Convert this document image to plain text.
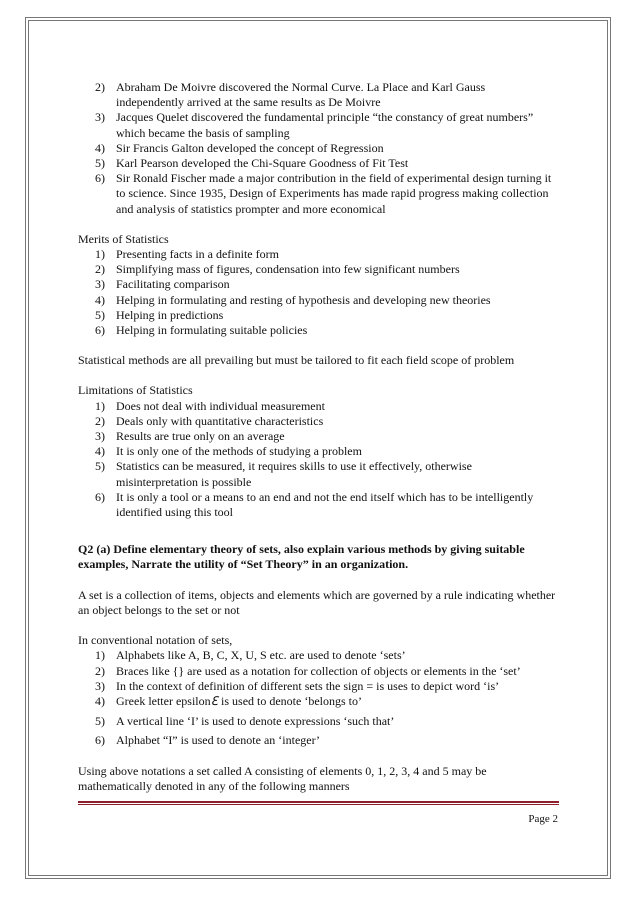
2) Abraham De Moivre discovered the Normal Curve. La Place and Karl Gauss independently arrived at the same results as De Moivre
3) Jacques Quelet discovered the fundamental principle “the constancy of great numbers” which became the basis of sampling
4) Sir Francis Galton developed the concept of Regression
5) Karl Pearson developed the Chi-Square Goodness of Fit Test
6) Sir Ronald Fischer made a major contribution in the field of experimental design turning it to science. Since 1935, Design of Experiments has made rapid progress making collection and analysis of statistics prompter and more economical

Merits of Statistics

1) Presenting facts in a definite form
2) Simplifying mass of figures, condensation into few significant numbers
3) Facilitating comparison
4) Helping in formulating and resting of hypothesis and developing new theories
5) Helping in predictions
6) Helping in formulating suitable policies

Statistical methods are all prevailing but must be tailored to fit each field scope of problem

Limitations of Statistics

1) Does not deal with individual measurement
2) Deals only with quantitative characteristics
3) Results are true only on an average
4) It is only one of the methods of studying a problem
5) Statistics can be measured, it requires skills to use it effectively, otherwise misinterpretation is possible
6) It is only a tool or a means to an end and not the end itself which has to be intelligently identified using this tool

Q2 (a) Define elementary theory of sets, also explain various methods by giving suitable examples, Narrate the utility of “Set Theory” in an organization.

A set is a collection of items, objects and elements which are governed by a rule indicating whether an object belongs to the set or not

In conventional notation of sets,

1) Alphabets like A, B, C, X, U, S etc. are used to denote ‘sets’
2) Braces like {} are used as a notation for collection of objects or elements in the ‘set’
3) In the context of definition of different sets the sign = is uses to depict word ‘is’
4) Greek letter epsilonℇ is used to denote ‘belongs to’
5) A vertical line ‘I’ is used to denote expressions ‘such that’
6) Alphabet “I” is used to denote an ‘integer’

Using above notations a set called A consisting of elements 0, 1, 2, 3, 4 and 5 may be mathematically denoted in any of the following manners

Page 2
